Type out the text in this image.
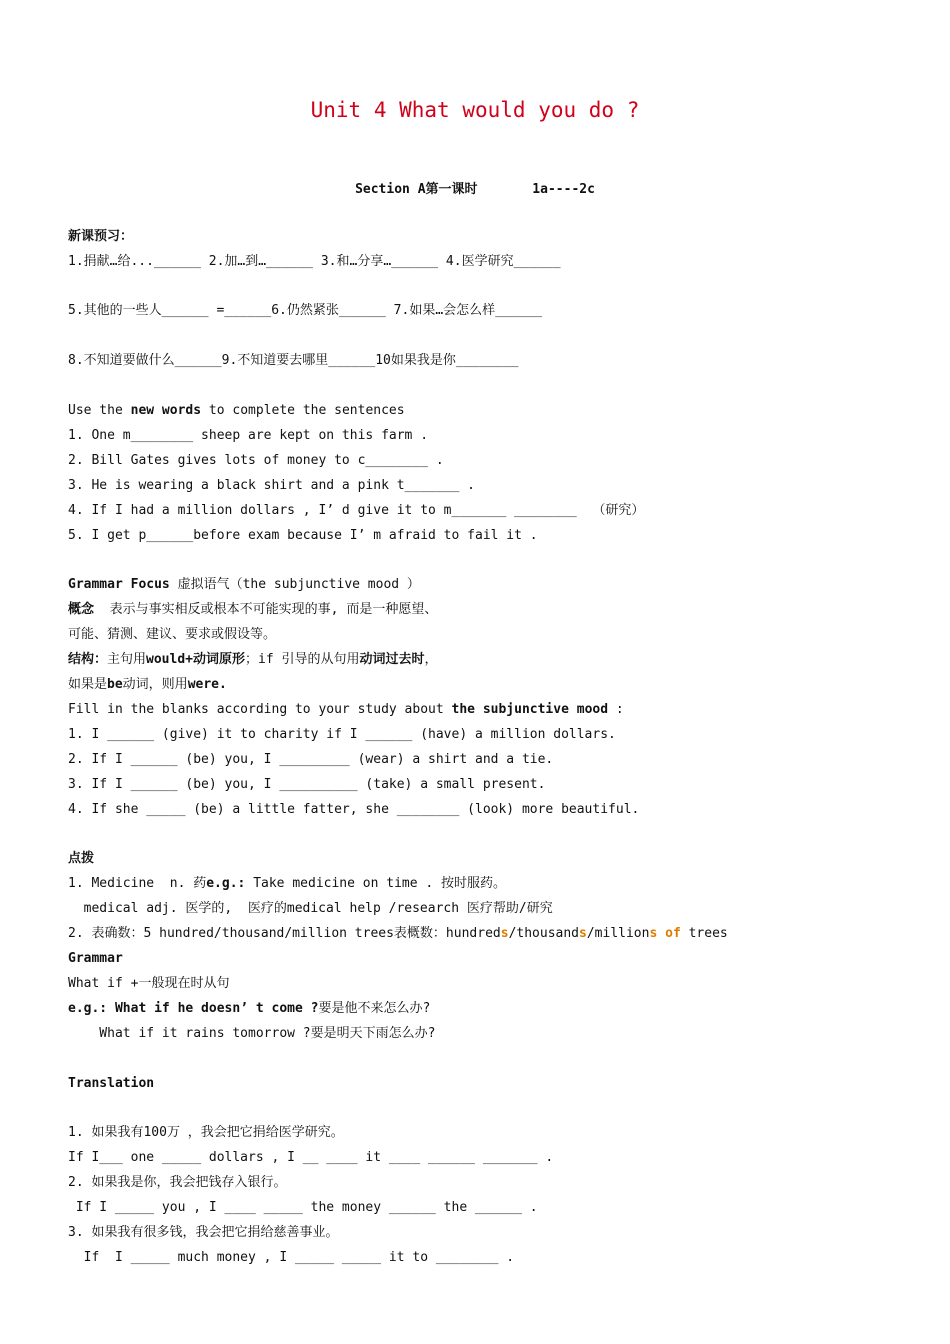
Unit 4 What would you do ?
Section A第一课时       1a----2c
新课预习：
1.捐献…给...______ 2.加…到…______ 3.和…分享…______ 4.医学研究______
5.其他的一些人______ =______6.仍然紧张______ 7.如果…会怎么样______
8.不知道要做什么______9.不知道要去哪里______10如果我是你________
Use the new words to complete the sentences
1. One m________ sheep are kept on this farm .
2. Bill Gates gives lots of money to c________ .
3. He is wearing a black shirt and a pink t_______ .
4. If I had a million dollars , I’ d give it to m_______ ________  （研究）
5. I get p______before exam because I’ m afraid to fail it .
Grammar Focus 虚拟语气（the subjunctive mood ）
概念  表示与事实相反或根本不可能实现的事, 而是一种愿望、
可能、猜测、建议、要求或假设等。
结构：主句用would+动词原形；if 引导的从句用动词过去时，
如果是be动词，则用were.
Fill in the blanks according to your study about the subjunctive mood :
1. I ______ (give) it to charity if I ______ (have) a million dollars.
2. If I ______ (be) you, I _________ (wear) a shirt and a tie.
3. If I ______ (be) you, I __________ (take) a small present.
4. If she _____ (be) a little fatter, she ________ (look) more beautiful.
点拨
1. Medicine  n. 药e.g.: Take medicine on time . 按时服药。
medical adj. 医学的,  医疗的medical help /research 医疗帮助/研究
2. 表确数：5 hundred/thousand/million trees表概数：hundreds/thousands/millions of trees
Grammar
What if +一般现在时从句
e.g.: What if he doesn’ t come ?要是他不来怎么办?
What if it rains tomorrow ?要是明天下雨怎么办?
Translation
1. 如果我有100万 ，我会把它捐给医学研究。
If I___ one _____ dollars , I __ ____ it ____ ______ _______ .
2. 如果我是你，我会把钱存入银行。
If I _____ you , I ____ _____ the money ______ the ______ .
3. 如果我有很多钱，我会把它捐给慈善事业。
If  I _____ much money , I _____ _____ it to ________ .
